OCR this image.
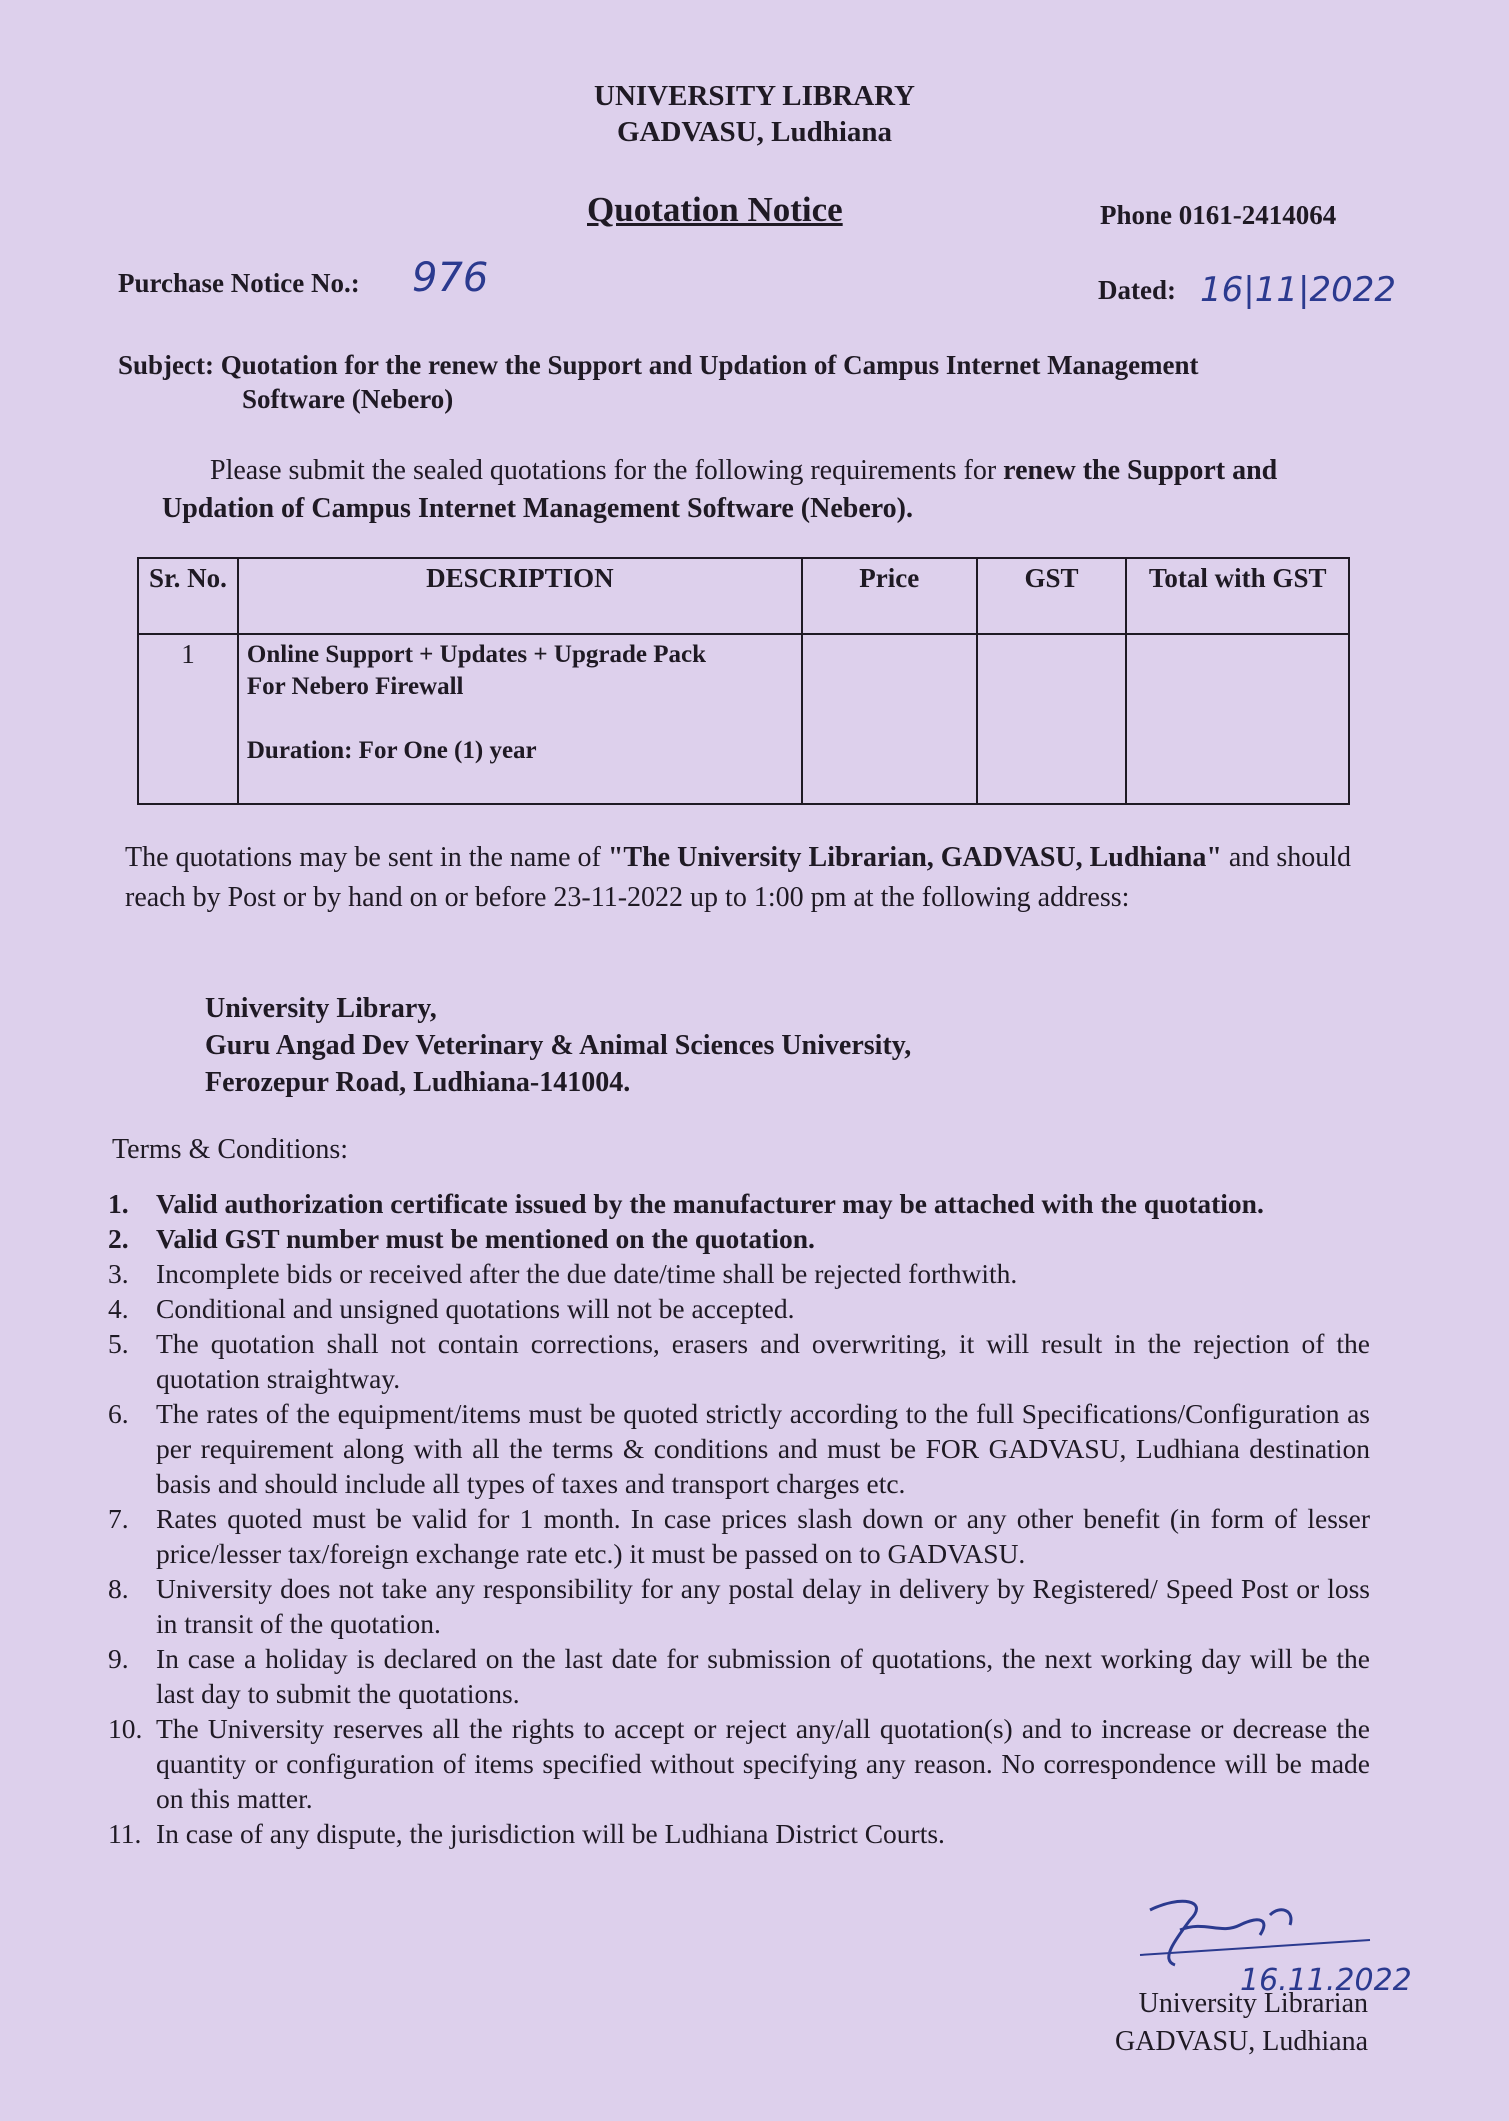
UNIVERSITY LIBRARY
GADVASU, Ludhiana
Quotation Notice	Phone 0161-2414064
Purchase Notice No.: 976	Dated: 16|11|2022
Subject: Quotation for the renew the Support and Updation of Campus Internet Management
Software (Nebero)
Please submit the sealed quotations for the following requirements for renew the Support and Updation of Campus Internet Management Software (Nebero).
Sr. No.	DESCRIPTION	Price	GST	Total with GST
1	Online Support + Updates + Upgrade Pack
For Nebero Firewall
Duration: For One (1) year			

The quotations may be sent in the name of "The University Librarian, GADVASU, Ludhiana" and should reach by Post or by hand on or before 23-11-2022 up to 1:00 pm at the following address:
University Library,
Guru Angad Dev Veterinary & Animal Sciences University,
Ferozepur Road, Ludhiana-141004.
Terms & Conditions:
1. Valid authorization certificate issued by the manufacturer may be attached with the quotation.
2. Valid GST number must be mentioned on the quotation.
3. Incomplete bids or received after the due date/time shall be rejected forthwith.
4. Conditional and unsigned quotations will not be accepted.
5. The quotation shall not contain corrections, erasers and overwriting, it will result in the rejection of the quotation straightway.
6. The rates of the equipment/items must be quoted strictly according to the full Specifications/Configuration as per requirement along with all the terms & conditions and must be FOR GADVASU, Ludhiana destination basis and should include all types of taxes and transport charges etc.
7. Rates quoted must be valid for 1 month. In case prices slash down or any other benefit (in form of lesser price/lesser tax/foreign exchange rate etc.) it must be passed on to GADVASU.
8. University does not take any responsibility for any postal delay in delivery by Registered/ Speed Post or loss in transit of the quotation.
9. In case a holiday is declared on the last date for submission of quotations, the next working day will be the last day to submit the quotations.
10. The University reserves all the rights to accept or reject any/all quotation(s) and to increase or decrease the quantity or configuration of items specified without specifying any reason. No correspondence will be made on this matter.
11. In case of any dispute, the jurisdiction will be Ludhiana District Courts.
16.11.2022
University Librarian
GADVASU, Ludhiana
